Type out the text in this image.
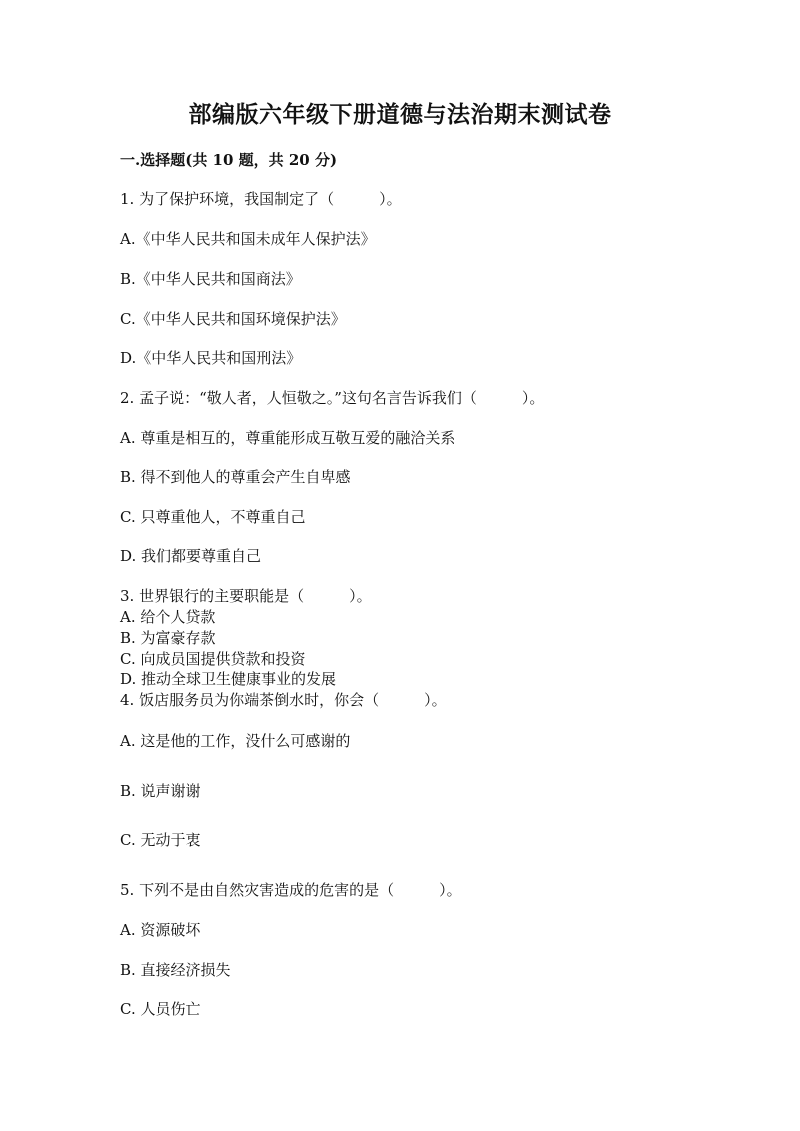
部编版六年级下册道德与法治期末测试卷
一.选择题(共 10 题，共 20 分)
1. 为了保护环境，我国制定了（　　　）。
A.《中华人民共和国未成年人保护法》
B.《中华人民共和国商法》
C.《中华人民共和国环境保护法》
D.《中华人民共和国刑法》
2. 孟子说：“敬人者，人恒敬之。”这句名言告诉我们（　　　）。
A. 尊重是相互的，尊重能形成互敬互爱的融洽关系
B. 得不到他人的尊重会产生自卑感
C. 只尊重他人，不尊重自己
D. 我们都要尊重自己
3. 世界银行的主要职能是（　　　）。
A. 给个人贷款
B. 为富豪存款
C. 向成员国提供贷款和投资
D. 推动全球卫生健康事业的发展
4. 饭店服务员为你端茶倒水时，你会（　　　）。
A. 这是他的工作，没什么可感谢的
B. 说声谢谢
C. 无动于衷
5. 下列不是由自然灾害造成的危害的是（　　　）。
A. 资源破坏
B. 直接经济损失
C. 人员伤亡
